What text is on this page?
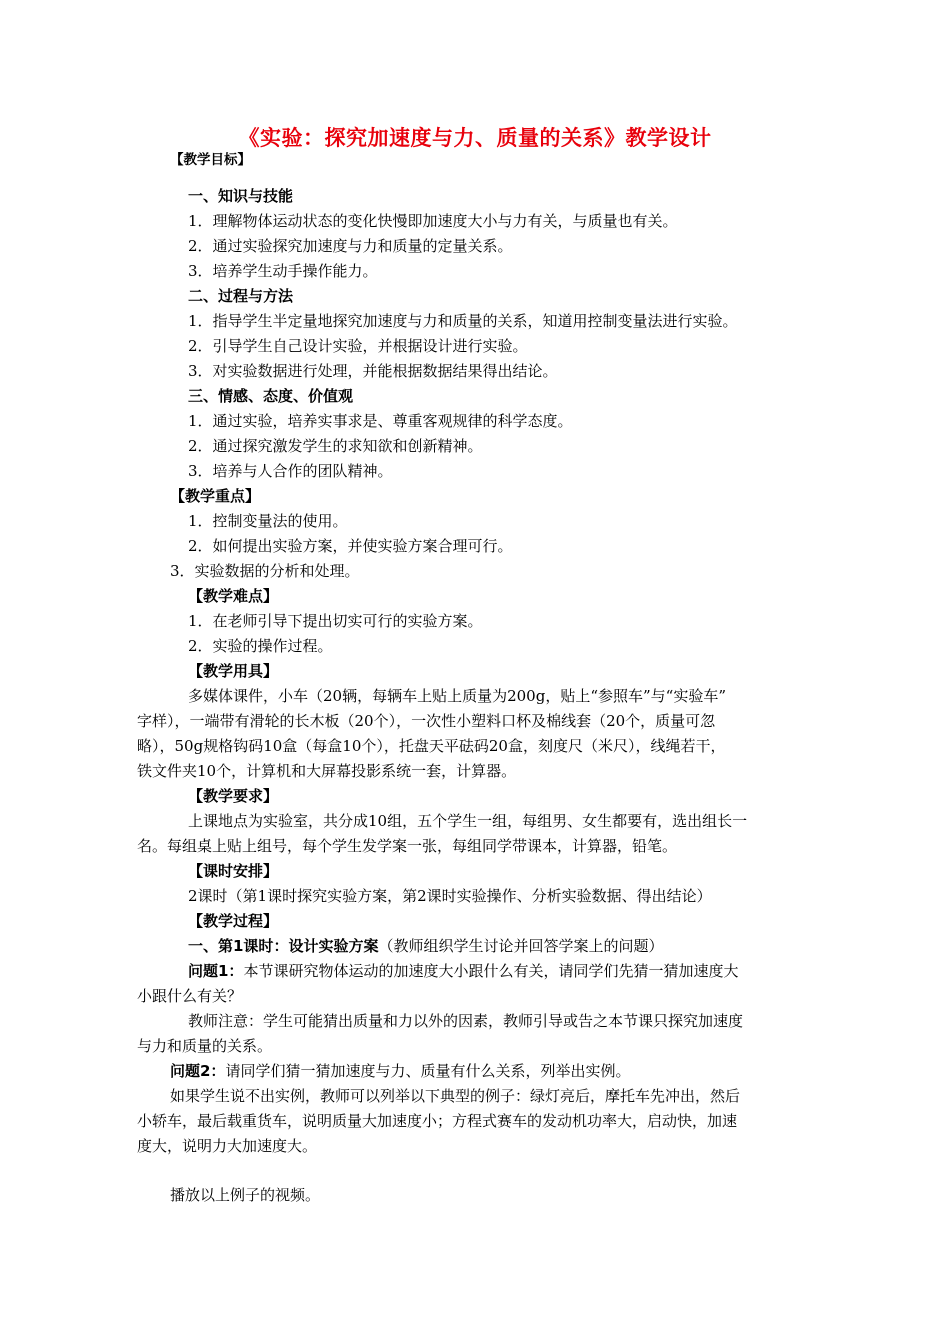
《实验：探究加速度与力、质量的关系》教学设计
【教学目标】
一、知识与技能
1．理解物体运动状态的变化快慢即加速度大小与力有关，与质量也有关。
2．通过实验探究加速度与力和质量的定量关系。
3．培养学生动手操作能力。
二、过程与方法
1．指导学生半定量地探究加速度与力和质量的关系，知道用控制变量法进行实验。
2．引导学生自己设计实验，并根据设计进行实验。
3．对实验数据进行处理，并能根据数据结果得出结论。
三、情感、态度、价值观
1．通过实验，培养实事求是、尊重客观规律的科学态度。
2．通过探究激发学生的求知欲和创新精神。
3．培养与人合作的团队精神。
【教学重点】
1．控制变量法的使用。
2．如何提出实验方案，并使实验方案合理可行。
3．实验数据的分析和处理。
【教学难点】
1．在老师引导下提出切实可行的实验方案。
2．实验的操作过程。
【教学用具】
多媒体课件，小车（20辆，每辆车上贴上质量为200g，贴上“参照车”与“实验车”
字样），一端带有滑轮的长木板（20个），一次性小塑料口杯及棉线套（20个，质量可忽
略），50g规格钩码10盒（每盒10个），托盘天平砝码20盒，刻度尺（米尺），线绳若干，
铁文件夹10个，计算机和大屏幕投影系统一套，计算器。
【教学要求】
上课地点为实验室，共分成10组，五个学生一组，每组男、女生都要有，选出组长一
名。每组桌上贴上组号，每个学生发学案一张，每组同学带课本，计算器，铅笔。
【课时安排】
2课时（第1课时探究实验方案，第2课时实验操作、分析实验数据、得出结论）
【教学过程】
一、第1课时：设计实验方案（教师组织学生讨论并回答学案上的问题）
问题1：本节课研究物体运动的加速度大小跟什么有关，请同学们先猜一猜加速度大
小跟什么有关？
教师注意：学生可能猜出质量和力以外的因素，教师引导或告之本节课只探究加速度
与力和质量的关系。
问题2：请同学们猜一猜加速度与力、质量有什么关系，列举出实例。
如果学生说不出实例，教师可以列举以下典型的例子：绿灯亮后，摩托车先冲出，然后
小轿车，最后载重货车，说明质量大加速度小；方程式赛车的发动机功率大，启动快，加速
度大，说明力大加速度大。
播放以上例子的视频。
